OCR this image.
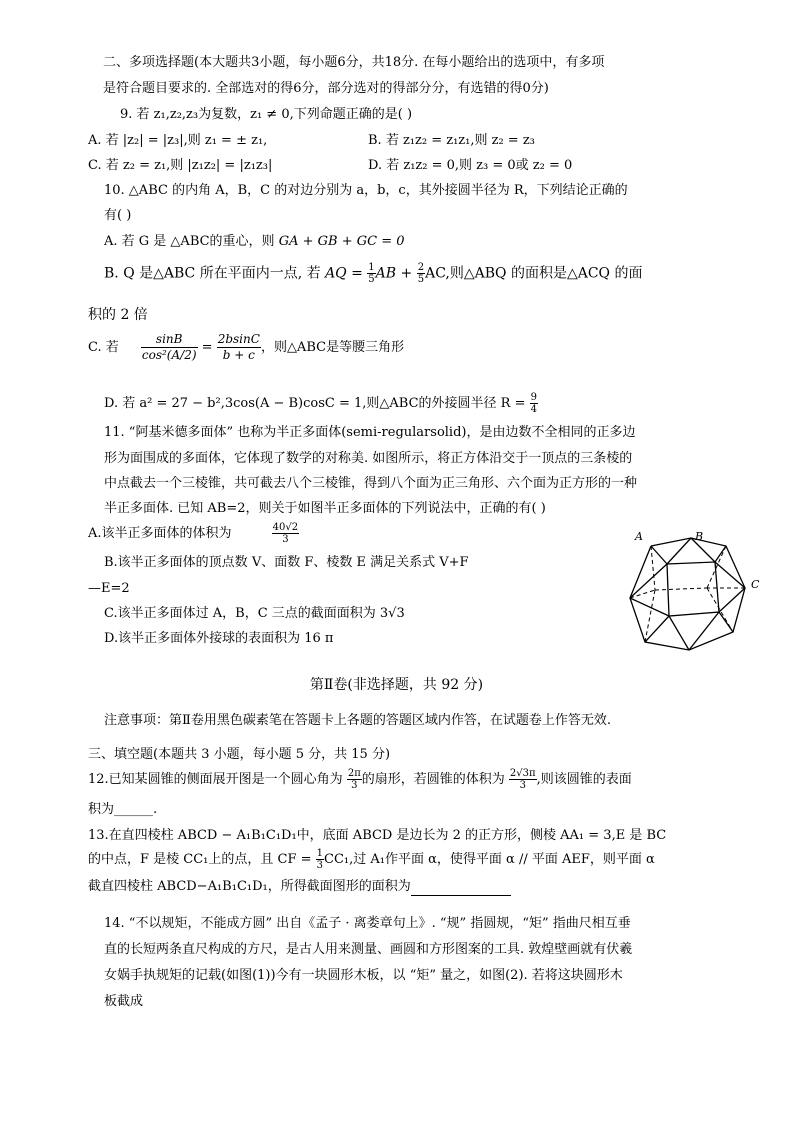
二、多项选择题(本大题共3小题，每小题6分，共18分. 在每小题给出的选项中，有多项
是符合题目要求的. 全部选对的得6分，部分选对的得部分分，有选错的得0分)
9. 若 z₁,z₂,z₃为复数，z₁ ≠ 0,下列命题正确的是( )
A. 若 |z₂| = |z₃|,则 z₁ = ± z₁,	B. 若 z₁z₂ = z₁z₁,则 z₂ = z₃
C. 若 z₂ = z₁,则 |z₁z₂| = |z₁z₃|	D. 若 z₁z₂ = 0,则 z₃ = 0或 z₂ = 0
10. △ABC 的内角 A，B，C 的对边分别为 a，b，c，其外接圆半径为 R，下列结论正确的
有( )
A. 若 G 是 △ABC的重心，则 GA + GB + GC = 0
B. Q 是△ABC 所在平面内一点, 若 AQ = $\frac{1}{5}$ AB + $\frac{2}{5}$ AC,则△ABQ 的面积是△ACQ 的面
积的 2 倍
C. 若 $\frac{\sin B}{\text{cos²(A/2)}} = \frac{2bsinC}{b + c}$ ，则△ABC是等腰三角形
D. 若 a² = 27 − b²,3cos(A − B)cosC = 1,则△ABC的外接圆半径 $R = \frac{9}{4}$
11. “阿基米德多面体” 也称为半正多面体(semi-regularsolid)，是由边数不全相同的正多边
形为面围成的多面体，它体现了数学的对称美. 如图所示，将正方体沿交于一顶点的三条棱的
中点截去一个三棱锥，共可截去八个三棱锥，得到八个面为正三角形、六个面为正方形的一种
半正多面体. 已知 AB=2，则关于如图半正多面体的下列说法中，正确的有( )
A.该半正多面体的体积为	$\frac{40√2}{3}$
B.该半正多面体的顶点数 V、面数 F、棱数 E 满足关系式 V+F
—E=2
C.该半正多面体过 A，B，C 三点的截面面积为 3√3
D.该半正多面体外接球的表面积为 16 π
A	B
C
第Ⅱ卷(非选择题，共 92 分)
注意事项：第Ⅱ卷用黑色碳素笔在答题卡上各题的答题区域内作答，在试题卷上作答无效.
三、填空题(本题共 3 小题，每小题 5 分，共 15 分)
12.已知某圆锥的侧面展开图是一个圆心角为 $\frac{2\pi}{3}$ 的扇形，若圆锥的体积为 $\frac{2√3\pi}{3}$ ,则该圆锥的表面
积为______.
13.在直四棱柱 ABCD − A₁B₁C₁D₁中，底面 ABCD 是边长为 2 的正方形，侧棱 AA₁ = 3,E 是 BC
的中点，F 是棱 CC₁上的点，且 CF = $\frac{1}{3} CC_1$,过 A₁作平面 α，使得平面 α // 平面 AEF，则平面 α
截直四棱柱 ABCD−A₁B₁C₁D₁，所得截面图形的面积为
14. “不以规矩，不能成方圆” 出自《孟子 · 离娄章句上》. “规” 指圆规，“矩” 指曲尺相互垂
直的长短两条直尺构成的方尺，是古人用来测量、画圆和方形图案的工具. 敦煌壁画就有伏羲
女娲手执规矩的记载(如图(1))今有一块圆形木板，以 “矩” 量之，如图(2). 若将这块圆形木
板截成
